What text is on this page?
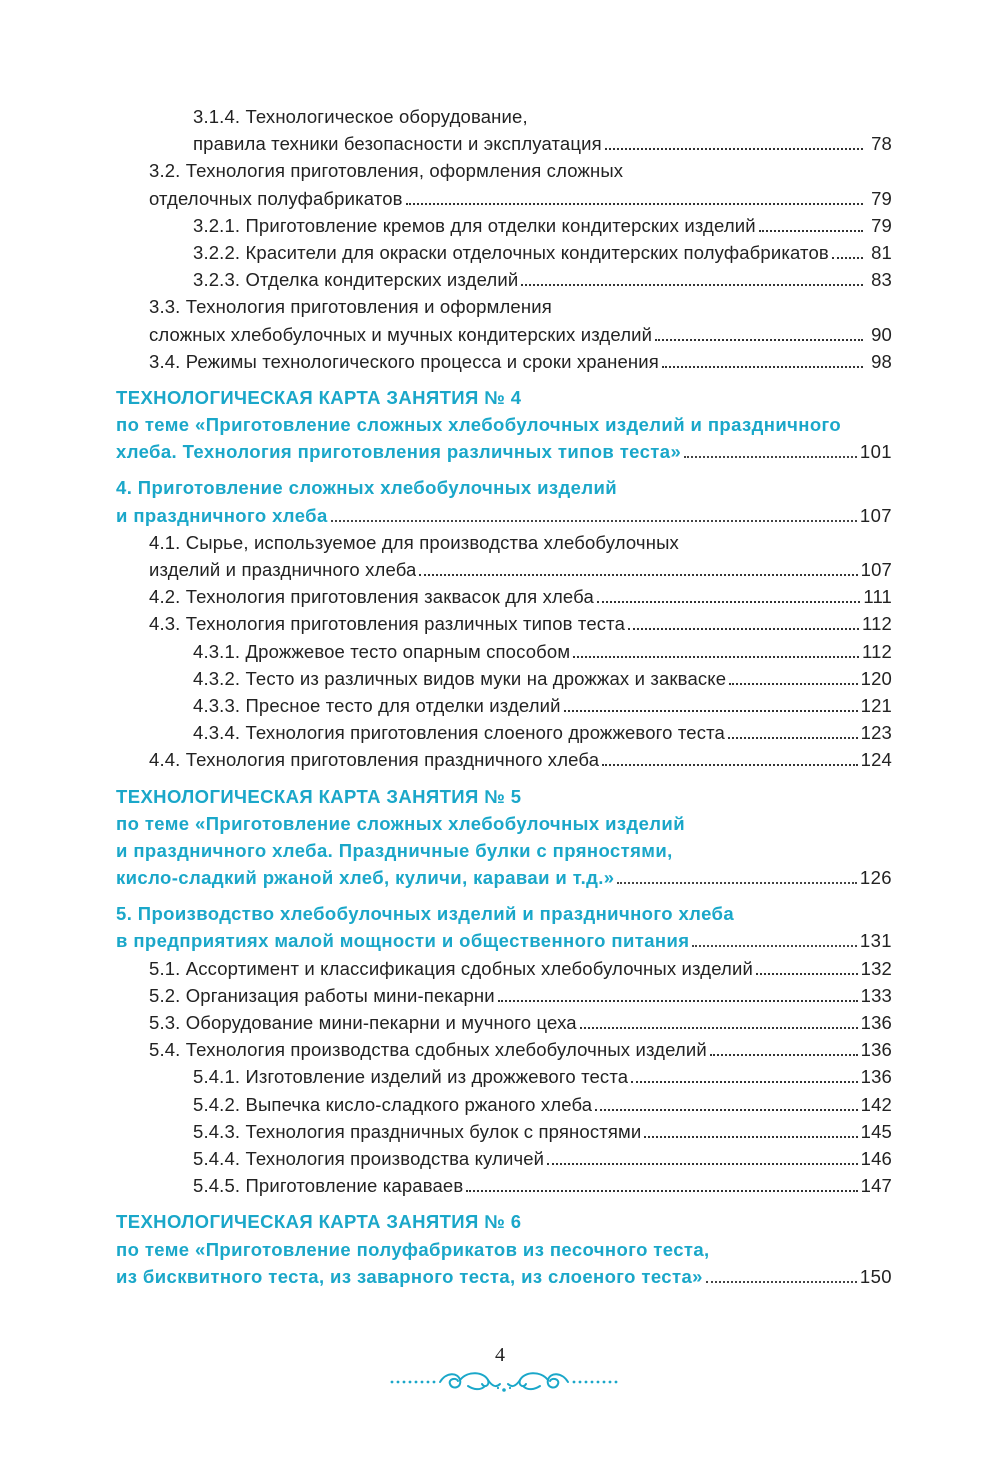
3.1.4. Технологическое оборудование,
правила техники безопасности и эксплуатация	78
3.2. Технология приготовления, оформления сложных
отделочных полуфабрикатов	79
3.2.1. Приготовление кремов для отделки кондитерских изделий	79
3.2.2. Красители для окраски отделочных кондитерских полуфабрикатов 81
3.2.3. Отделка кондитерских изделий	83
3.3. Технология приготовления и оформления
сложных хлебобулочных и мучных кондитерских изделий	90
3.4. Режимы технологического процесса и сроки хранения	98
ТЕХНОЛОГИЧЕСКАЯ КАРТА ЗАНЯТИЯ № 4
по теме «Приготовление сложных хлебобулочных изделий и праздничного
хлеба. Технология приготовления различных типов теста»	101
4. Приготовление сложных хлебобулочных изделий
и праздничного хлеба	107
4.1. Сырье, используемое для производства хлебобулочных
изделий и праздничного хлеба	107
4.2. Технология приготовления заквасок для хлеба	111
4.3. Технология приготовления различных типов теста	112
4.3.1. Дрожжевое тесто опарным способом	112
4.3.2. Тесто из различных видов муки на дрожжах и закваске	120
4.3.3. Пресное тесто для отделки изделий	121
4.3.4. Технология приготовления слоеного дрожжевого теста	123
4.4. Технология приготовления праздничного хлеба	124
ТЕХНОЛОГИЧЕСКАЯ КАРТА ЗАНЯТИЯ № 5
по теме «Приготовление сложных хлебобулочных изделий
и праздничного хлеба. Праздничные булки с пряностями,
кисло-сладкий ржаной хлеб, куличи, караваи и т.д.»	126
5. Производство хлебобулочных изделий и праздничного хлеба
в предприятиях малой мощности и общественного питания	131
5.1. Ассортимент и классификация сдобных хлебобулочных изделий	132
5.2. Организация работы мини-пекарни	133
5.3. Оборудование мини-пекарни и мучного цеха	136
5.4. Технология производства сдобных хлебобулочных изделий	136
5.4.1. Изготовление изделий из дрожжевого теста	136
5.4.2. Выпечка кисло-сладкого ржаного хлеба	142
5.4.3. Технология праздничных булок с пряностями	145
5.4.4. Технология производства куличей	146
5.4.5. Приготовление караваев	147
ТЕХНОЛОГИЧЕСКАЯ КАРТА ЗАНЯТИЯ № 6
по теме «Приготовление полуфабрикатов из песочного теста,
из бисквитного теста, из заварного теста, из слоеного теста»	150
4
